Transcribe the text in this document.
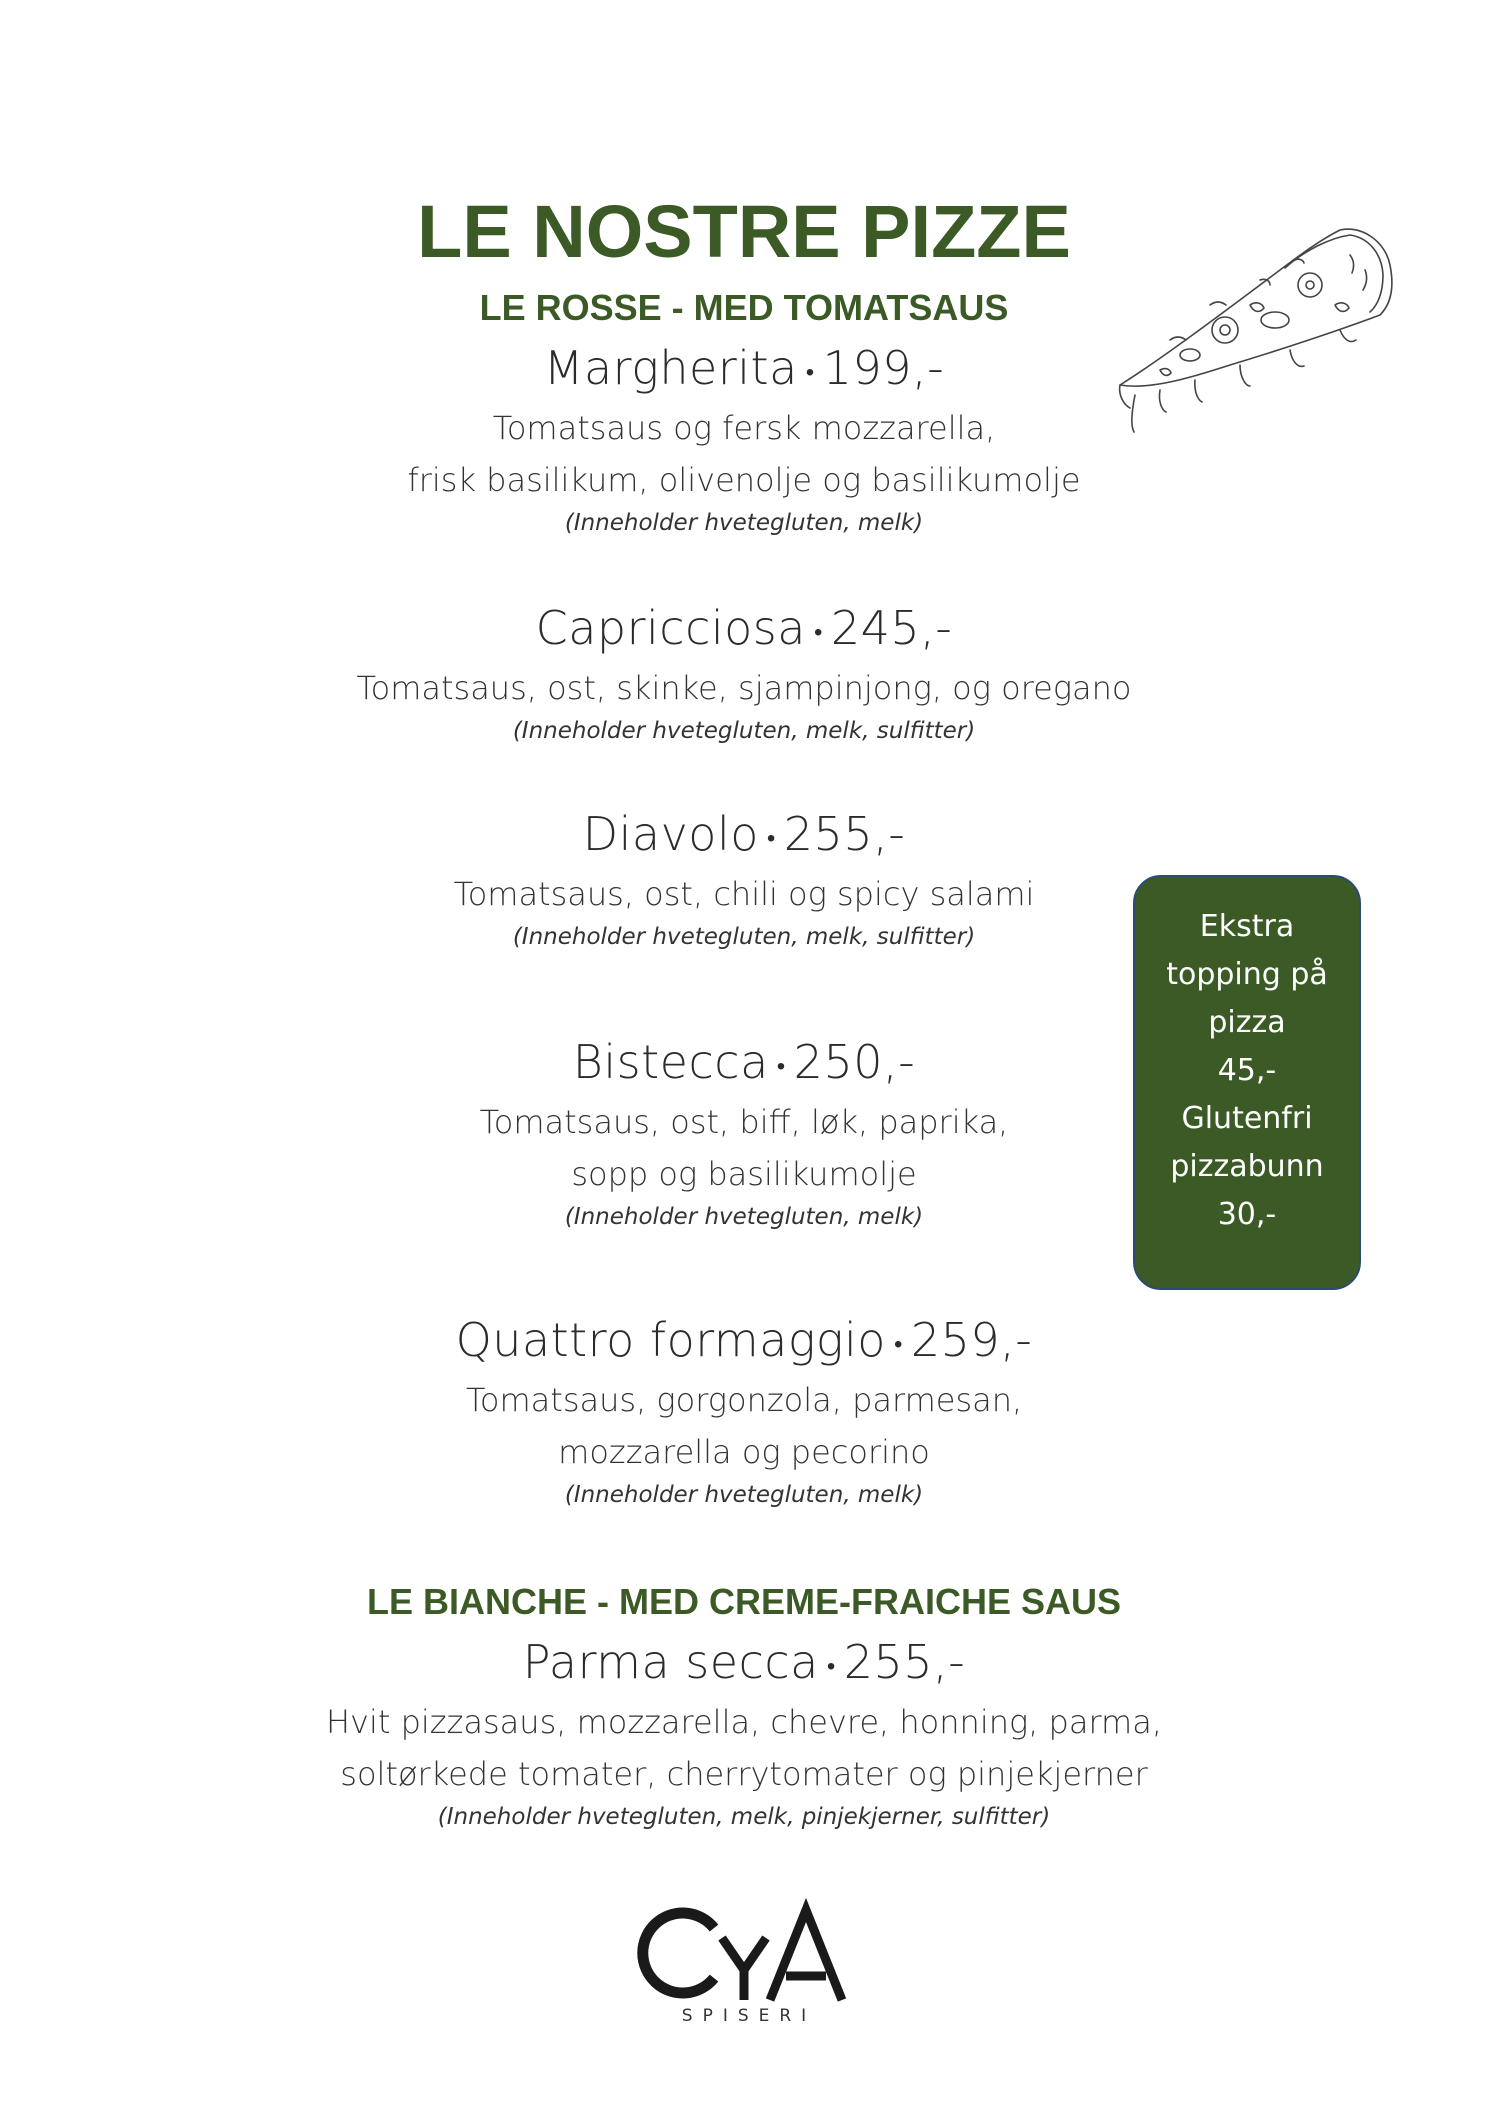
LE NOSTRE PIZZE
LE ROSSE - MED TOMATSAUS
Margherita • 199,-
Tomatsaus og fersk mozzarella,
frisk basilikum, olivenolje og basilikumolje
(Inneholder hvetegluten, melk)
Capricciosa • 245,-
Tomatsaus, ost, skinke, sjampinjong, og oregano
(Inneholder hvetegluten, melk, sulfitter)
Diavolo • 255,-
Tomatsaus, ost, chili og spicy salami
(Inneholder hvetegluten, melk, sulfitter)
Bistecca • 250,-
Tomatsaus, ost, biff, løk, paprika,
sopp og basilikumolje
(Inneholder hvetegluten, melk)
Quattro formaggio • 259,-
Tomatsaus, gorgonzola, parmesan,
mozzarella og pecorino
(Inneholder hvetegluten, melk)
LE BIANCHE - MED CREME-FRAICHE SAUS
Parma secca • 255,-
Hvit pizzasaus, mozzarella, chevre, honning, parma,
soltørkede tomater, cherrytomater og pinjekjerner
(Inneholder hvetegluten, melk, pinjekjerner, sulfitter)
Ekstra
topping på
pizza
45,-
Glutenfri
pizzabunn
30,-
SPISERI
